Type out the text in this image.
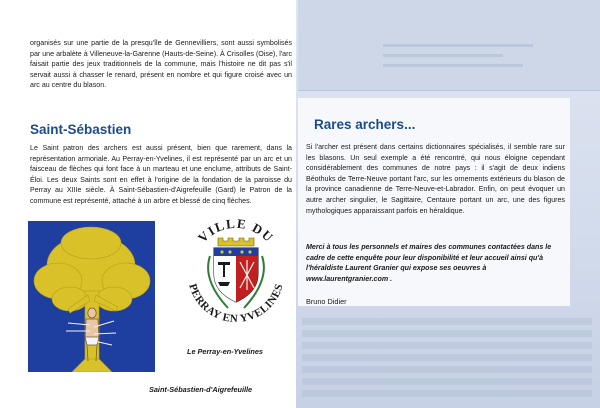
organisés sur une partie de la presqu'île de Gennevilliers, sont aussi symbolisés par une arbalète à Villeneuve-la-Garenne (Hauts-de-Seine). À Crisolles (Oise), l'arc faisait partie des jeux traditionnels de la commune, mais l'histoire ne dit pas s'il servait aussi à chasser le renard, présent en nombre et qui figure croisé avec un arc au centre du blason.

Saint-Sébastien

Le Saint patron des archers est aussi présent, bien que rarement, dans la représentation armoriale. Au Perray-en-Yvelines, il est représenté par un arc et un faisceau de flèches qui font face à un marteau et une enclume, attributs de Saint-Éloi. Les deux Saints sont en effet à l'origine de la fondation de la paroisse du Perray au XIIIe siècle. À Saint-Sébastien-d'Aigrefeuille (Gard) le Patron de la commune est représenté, attaché à un arbre et blessé de cinq flèches.

Saint-Sébastien-d'Aigrefeuille

VILLE DU
PERRAY EN YVELINES

Le Perray-en-Yvelines

Rares archers...

Si l'archer est présent dans certains dictionnaires spécialisés, il semble rare sur les blasons. Un seul exemple a été rencontré, qui nous éloigne cependant considérablement des communes de notre pays : il s'agit de deux indiens Béothuks de Terre-Neuve portant l'arc, sur les ornements extérieurs du blason de la province canadienne de Terre-Neuve-et-Labrador. Enfin, on peut évoquer un autre archer singulier, le Sagittaire, Centaure portant un arc, une des figures mythologiques apparaissant parfois en héraldique.

Merci à tous les personnels et maires des communes contactées dans le cadre de cette enquête pour leur disponibilité et leur accueil ainsi qu'à l'héraldiste Laurent Granier qui expose ses oeuvres à www.laurentgranier.com .

Bruno Didier
